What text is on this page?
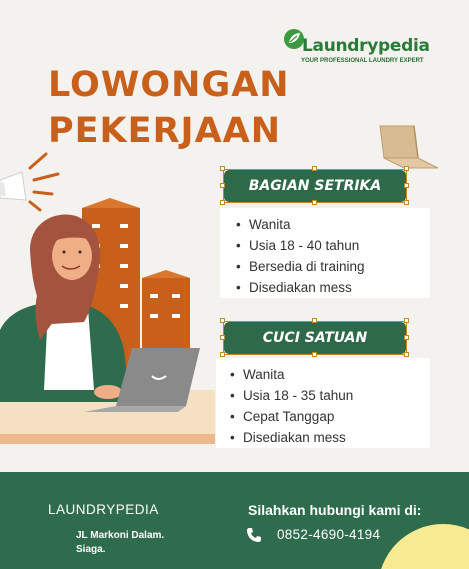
Laundrypedia
YOUR PROFESSIONAL LAUNDRY EXPERT
LOWONGAN
PEKERJAAN
BAGIAN SETRIKA
• Wanita
• Usia 18 - 40 tahun
• Bersedia di training
• Disediakan mess
CUCI SATUAN
• Wanita
• Usia 18 - 35 tahun
• Cepat Tanggap
• Disediakan mess
LAUNDRYPEDIA
JL Markoni Dalam.
Siaga.
Silahkan hubungi kami di:
0852-4690-4194
